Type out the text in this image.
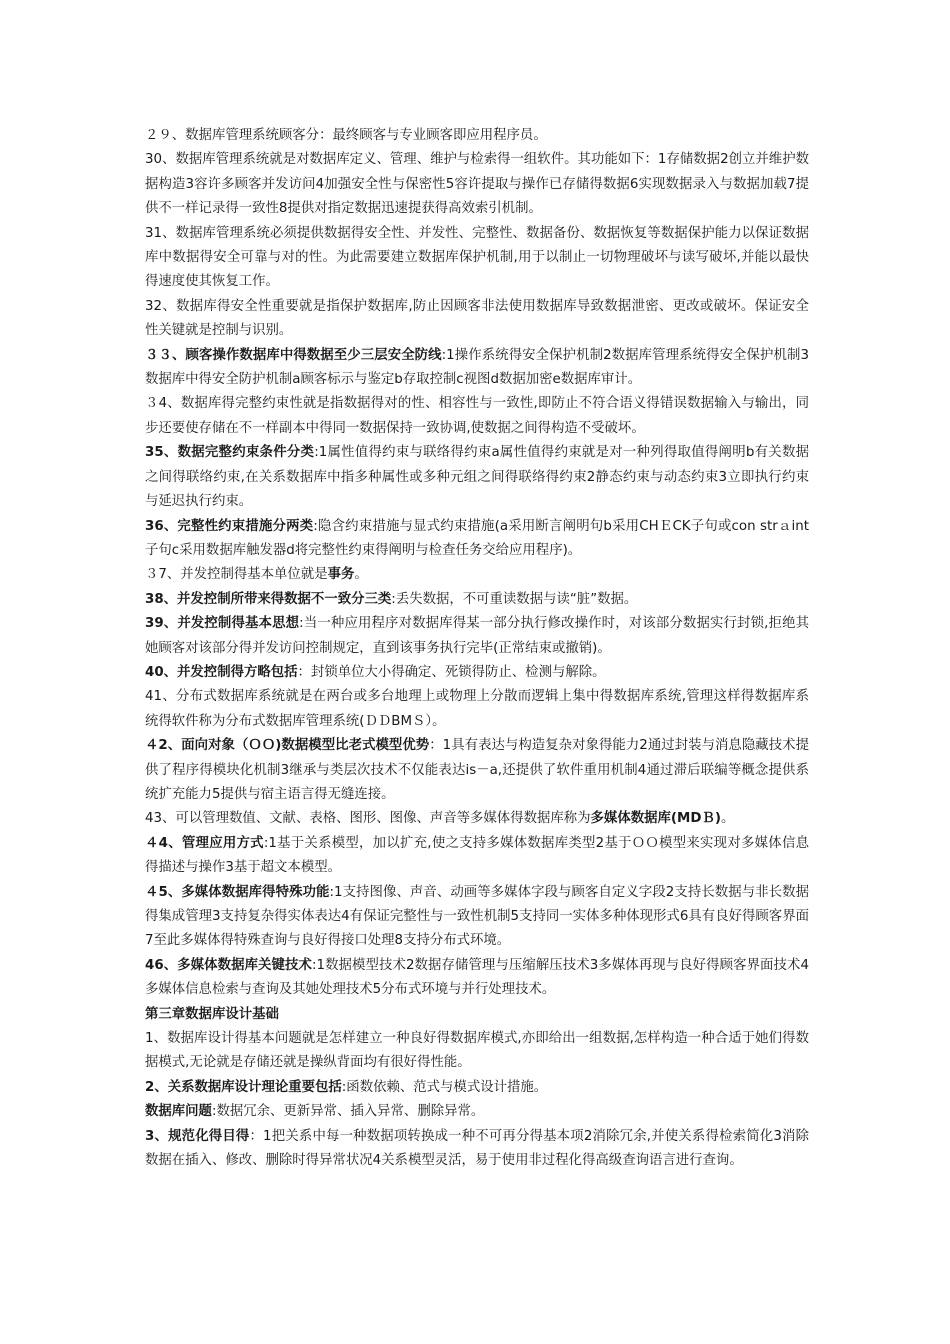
２９、数据库管理系统顾客分：最终顾客与专业顾客即应用程序员。

30、数据库管理系统就是对数据库定义、管理、维护与检索得一组软件。其功能如下：1存储数据2创立并维护数据构造3容许多顾客并发访问4加强安全性与保密性5容许提取与操作已存储得数据6实现数据录入与数据加载7提供不一样记录得一致性8提供对指定数据迅速提获得高效索引机制。

31、数据库管理系统必须提供数据得安全性、并发性、完整性、数据备份、数据恢复等数据保护能力以保证数据库中数据得安全可靠与对的性。为此需要建立数据库保护机制,用于以制止一切物理破坏与读写破坏,并能以最快得速度使其恢复工作。

32、数据库得安全性重要就是指保护数据库,防止因顾客非法使用数据库导致数据泄密、更改或破坏。保证安全性关键就是控制与识别。

３３、顾客操作数据库中得数据至少三层安全防线:1操作系统得安全保护机制2数据库管理系统得安全保护机制3数据库中得安全防护机制a顾客标示与鉴定b存取控制c视图d数据加密e数据库审计。

３4、数据库得完整约束性就是指数据得对的性、相容性与一致性,即防止不符合语义得错误数据输入与输出，同步还要使存储在不一样副本中得同一数据保持一致协调,使数据之间得构造不受破坏。

35、数据完整约束条件分类:1属性值得约束与联络得约束a属性值得约束就是对一种列得取值得阐明b有关数据之间得联络约束,在关系数据库中指多种属性或多种元组之间得联络得约束2静态约束与动态约束3立即执行约束与延迟执行约束。

36、完整性约束措施分两类:隐含约束措施与显式约束措施(a采用断言阐明句b采用CHＥCK子句或con strａint　子句c采用数据库触发器d将完整性约束得阐明与检查任务交给应用程序)。

３7、并发控制得基本单位就是事务。

38、并发控制所带来得数据不一致分三类:丢失数据，不可重读数据与读“脏”数据。

39、并发控制得基本思想:当一种应用程序对数据库得某一部分执行修改操作时，对该部分数据实行封锁,拒绝其她顾客对该部分得并发访问控制规定，直到该事务执行完毕(正常结束或撤销)。

40、并发控制得方略包括：封锁单位大小得确定、死锁得防止、检测与解除。

41、分布式数据库系统就是在两台或多台地理上或物理上分散而逻辑上集中得数据库系统,管理这样得数据库系统得软件称为分布式数据库管理系统(ＤＤBMＳ）。

４2、面向对象（ＯＯ)数据模型比老式模型优势：1具有表达与构造复杂对象得能力2通过封装与消息隐藏技术提供了程序得模块化机制3继承与类层次技术不仅能表达is－a,还提供了软件重用机制4通过滞后联编等概念提供系统扩充能力5提供与宿主语言得无缝连接。

43、可以管理数值、文献、表格、图形、图像、声音等多媒体得数据库称为多媒体数据库(MDＢ)。

４4、管理应用方式:1基于关系模型，加以扩充,使之支持多媒体数据库类型2基于ＯＯ模型来实现对多媒体信息得描述与操作3基于超文本模型。

４5、多媒体数据库得特殊功能:1支持图像、声音、动画等多媒体字段与顾客自定义字段2支持长数据与非长数据得集成管理3支持复杂得实体表达4有保证完整性与一致性机制5支持同一实体多种体现形式6具有良好得顾客界面7至此多媒体得特殊查询与良好得接口处理8支持分布式环境。

46、多媒体数据库关键技术:1数据模型技术2数据存储管理与压缩解压技术3多媒体再现与良好得顾客界面技术4多媒体信息检索与查询及其她处理技术5分布式环境与并行处理技术。

第三章数据库设计基础

1、数据库设计得基本问题就是怎样建立一种良好得数据库模式,亦即给出一组数据,怎样构造一种合适于她们得数据模式,无论就是存储还就是操纵背面均有很好得性能。

2、关系数据库设计理论重要包括:函数依赖、范式与模式设计措施。

数据库问题:数据冗余、更新异常、插入异常、删除异常。

3、规范化得目得：1把关系中每一种数据项转换成一种不可再分得基本项2消除冗余,并使关系得检索简化3消除数据在插入、修改、删除时得异常状况4关系模型灵活，易于使用非过程化得高级查询语言进行查询。
